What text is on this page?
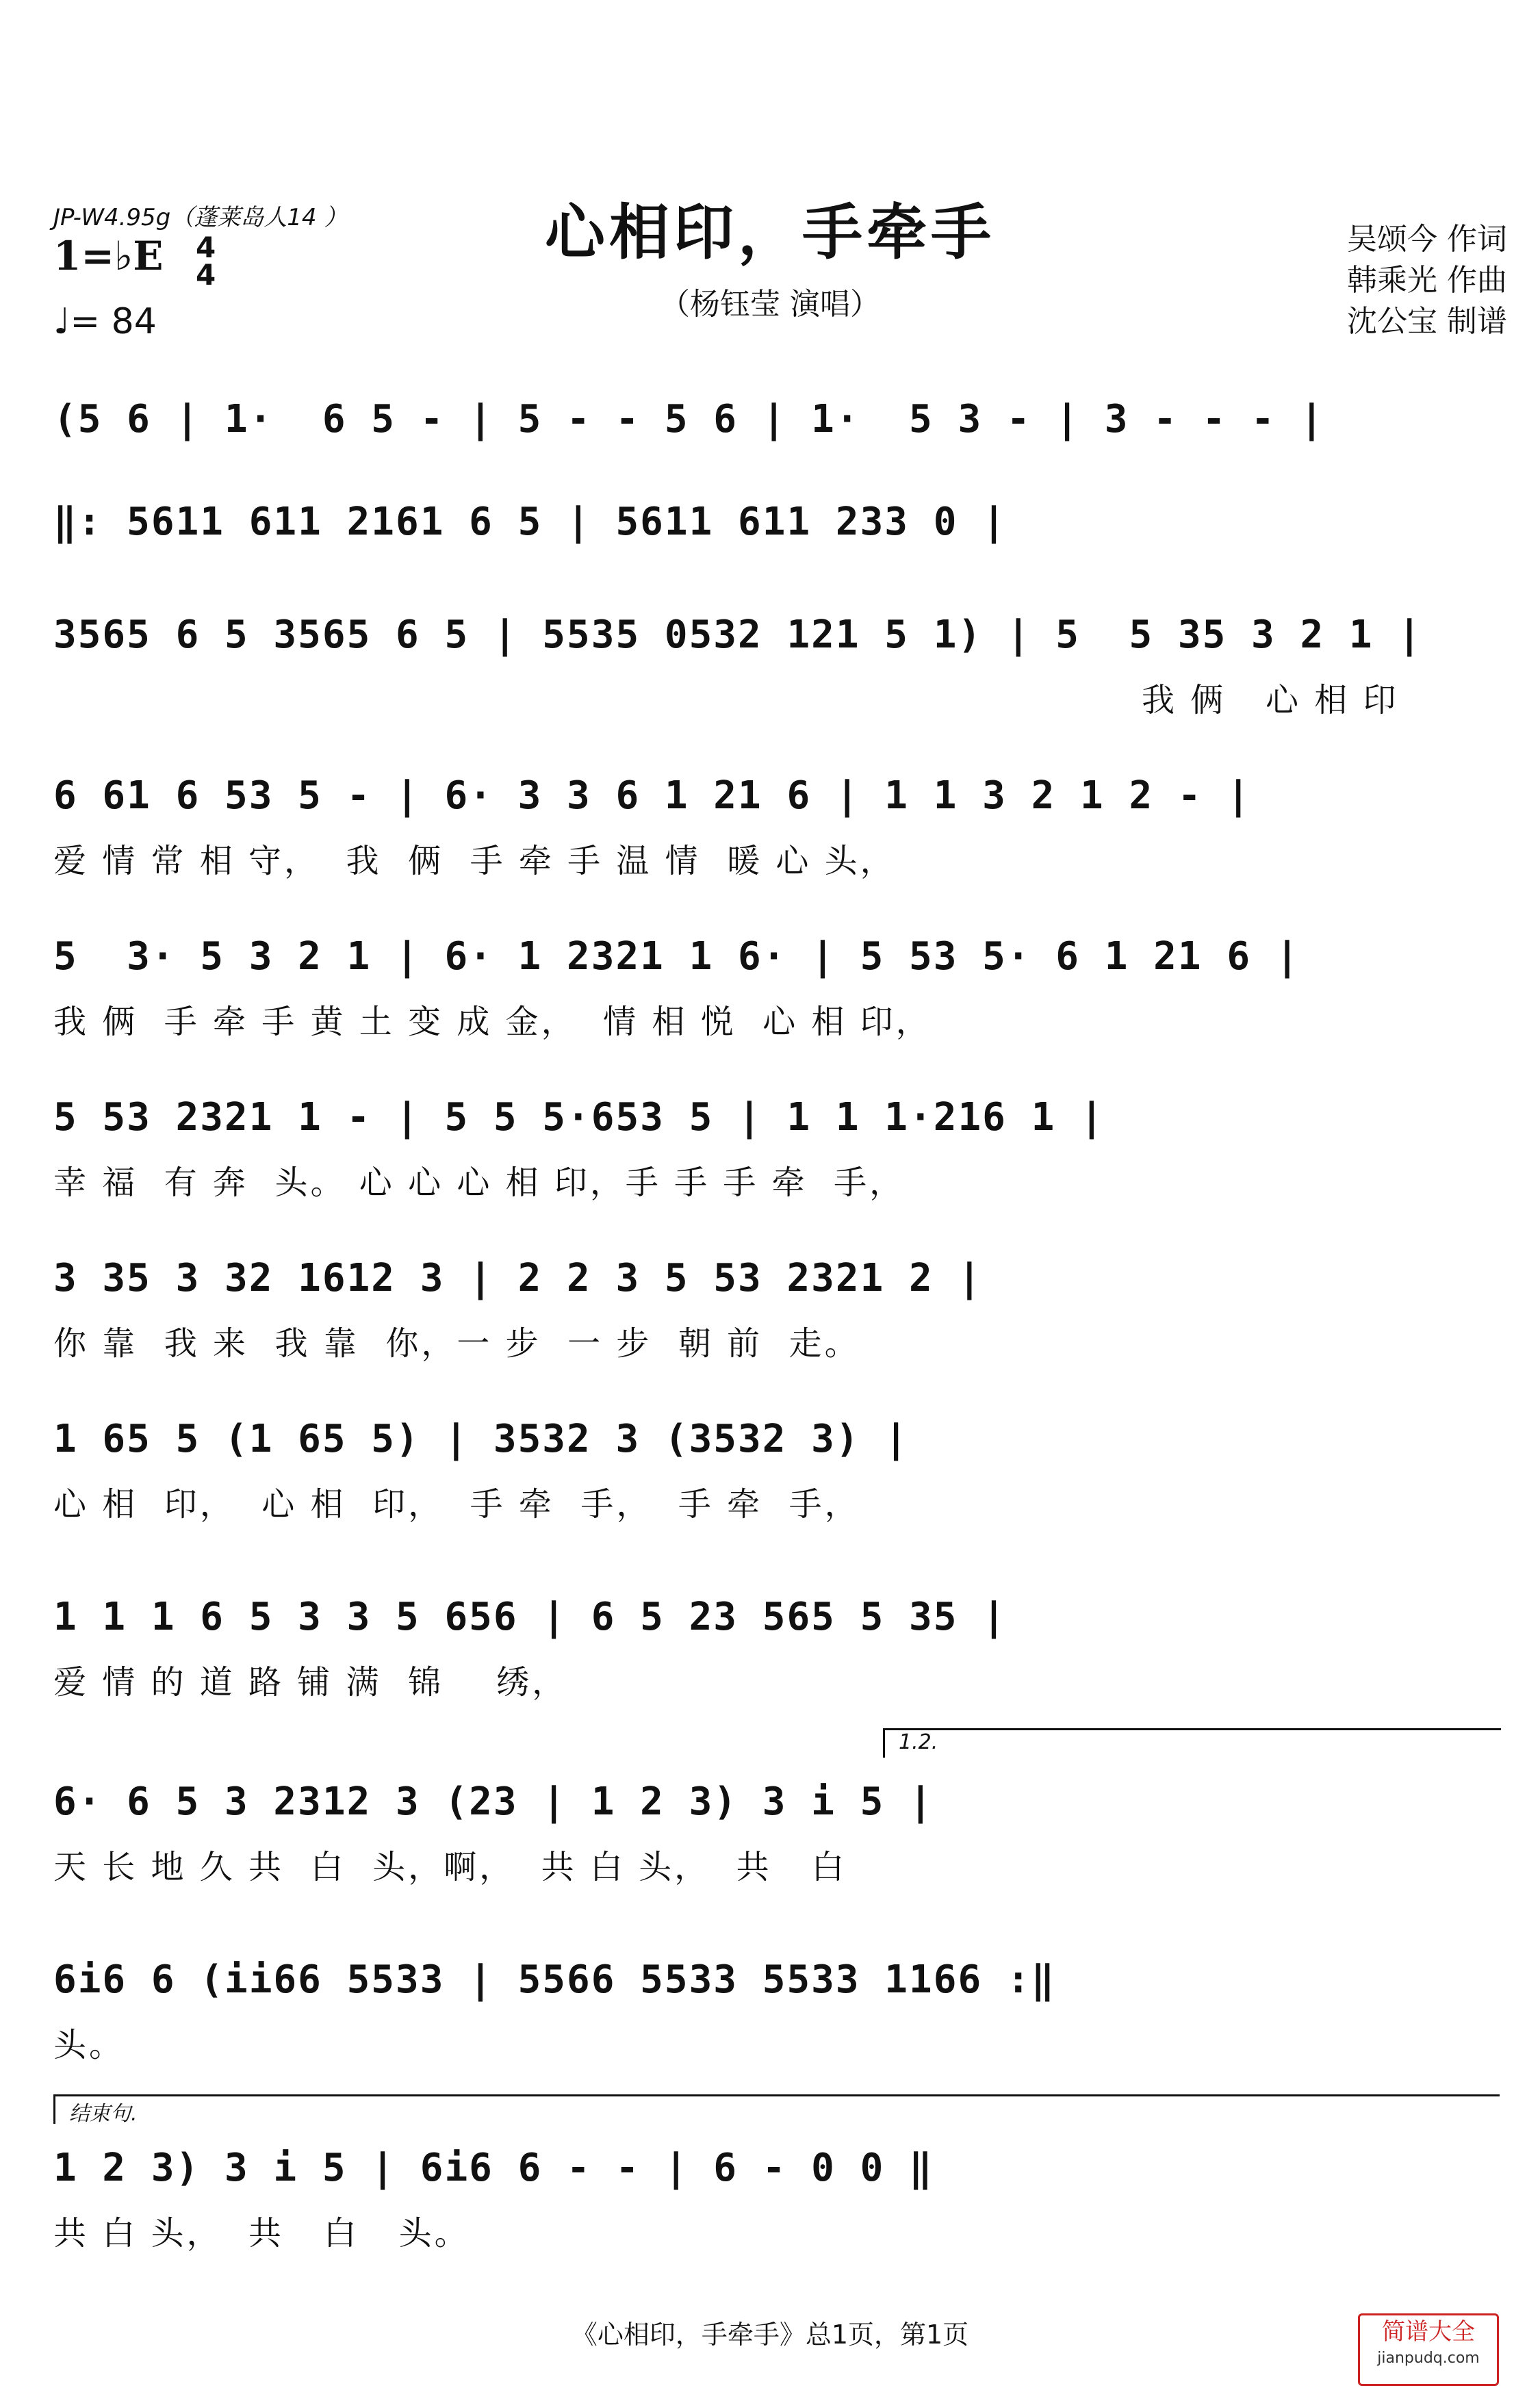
JP-W4.95g（蓬莱岛人14 ）
1=♭E 4
4
♩= 84
心相印，手牵手
（杨钰莹 演唱）
吴颂今 作词
韩乘光 作曲
沈公宝 制谱
(5 6 | 1·  6 5 - | 5 - - 5 6 | 1·  5 3 - | 3 - - - |
‖: 5611 611 2161 6 5 | 5611 611 233 0 |
3565 6 5 3565 6 5 | 5535 0532 121 5 1) | 5  5 35 3 2 1 |
我 俩   心 相 印
6 61 6 53 5 - | 6· 3 3 6 1 21 6 | 1 1 3 2 1 2 - |
爱 情 常 相 守，  我  俩  手 牵 手 温 情  暖 心 头，
5  3· 5 3 2 1 | 6· 1 2321 1 6· | 5 53 5· 6 1 21 6 |
我 俩  手 牵 手 黄 土 变 成 金，  情 相 悦  心 相 印，
5 53 2321 1 - | 5 5 5·653 5 | 1 1 1·216 1 |
幸 福  有 奔  头。 心 心 心 相 印，手 手 手 牵  手，
3 35 3 32 1612 3 | 2 2 3 5 53 2321 2 |
你 靠  我 来  我 靠  你，一 步  一 步  朝 前  走。
1 65 5 (1 65 5) | 3532 3 (3532 3) |
心 相  印，  心 相  印，  手 牵  手，  手 牵  手，
1 1 1 6 5 3 3 5 656 | 6 5 23 565 5 35 |
爱 情 的 道 路 铺 满  锦    绣，
1.2.
6· 6 5 3 2312 3 (23 | 1 2 3) 3 i 5 |
天 长 地 久 共  白  头，啊，  共 白 头，  共   白
6i6 6 (ii66 5533 | 5566 5533 5533 1166 :‖
头。
结束句.
1 2 3) 3 i 5 | 6i6 6 - - | 6 - 0 0 ‖
共 白 头，  共   白   头。
《心相印，手牵手》总1页，第1页	简谱大全
jianpudq.com
